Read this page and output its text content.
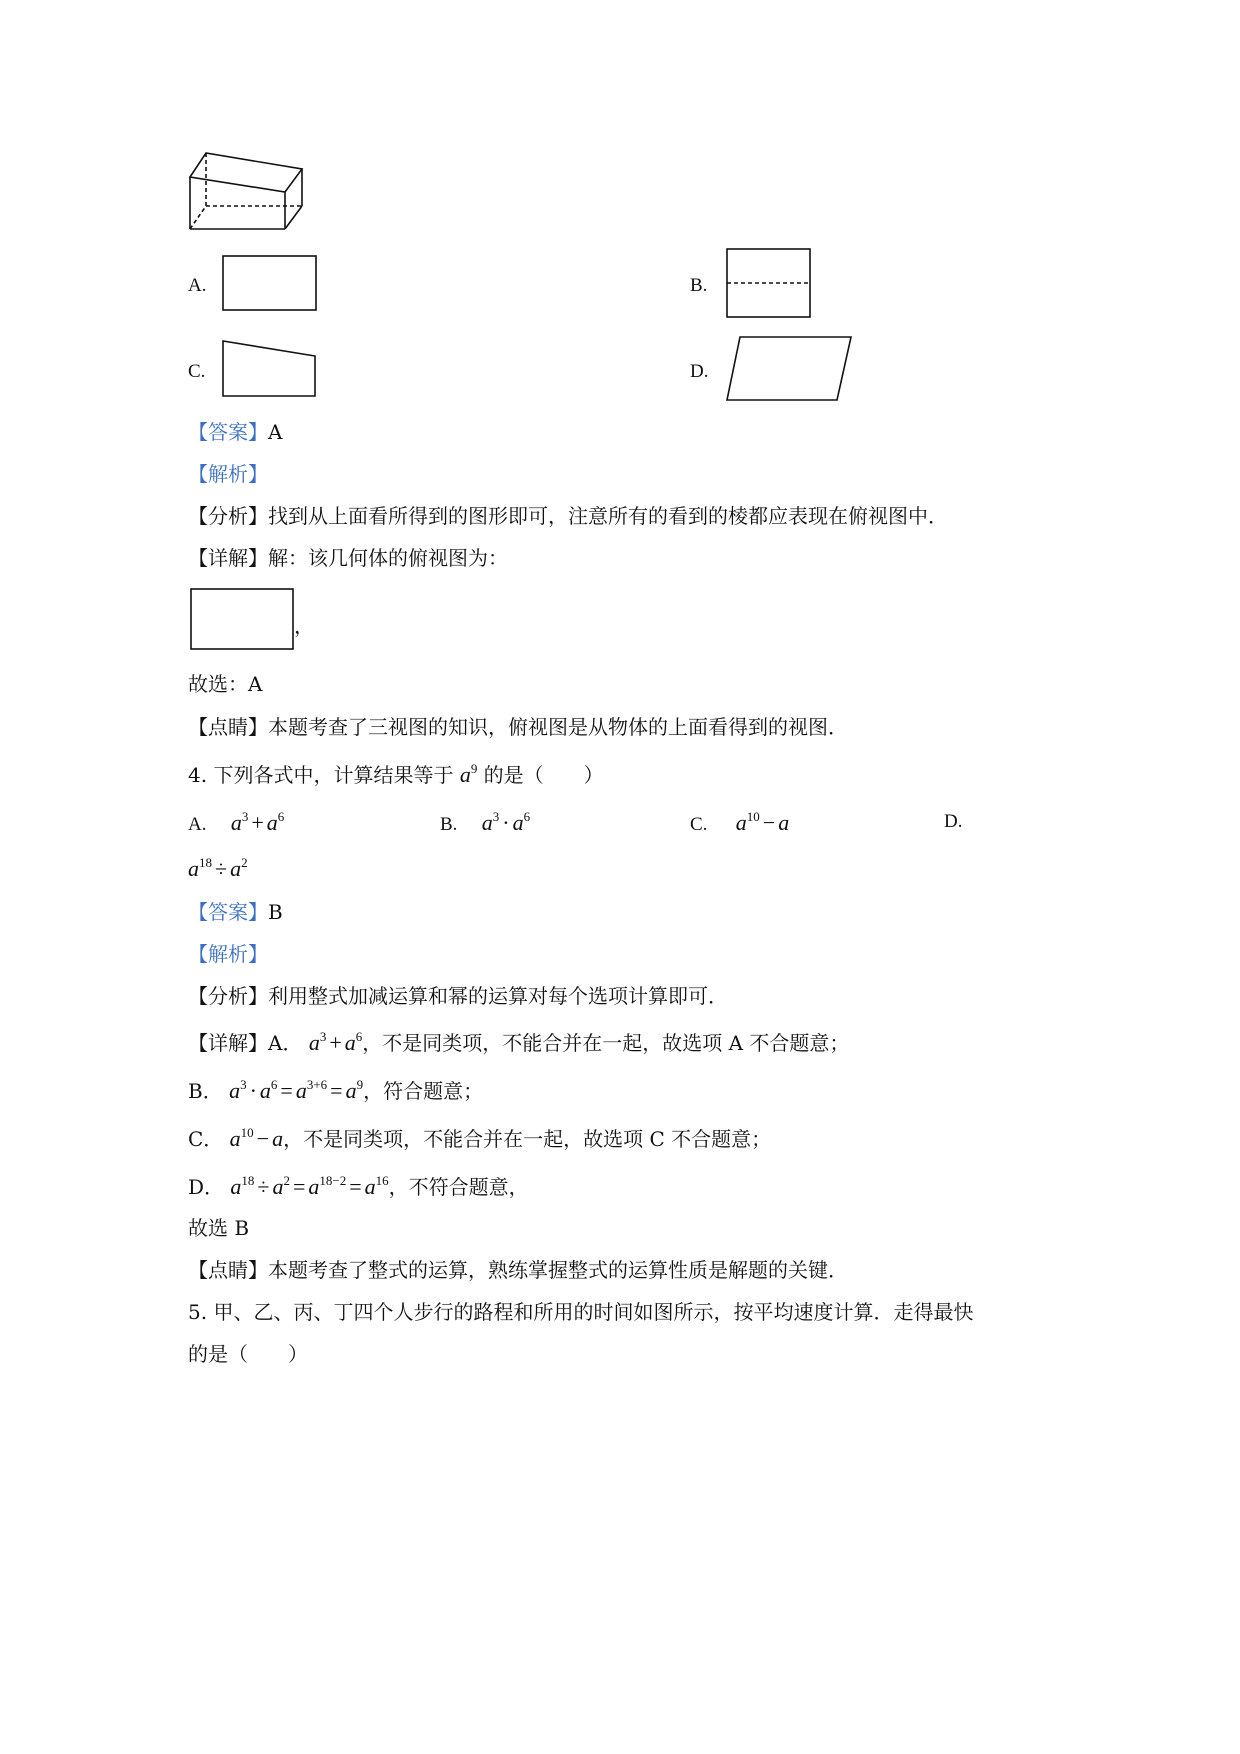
A.	B.
C.	D.
【答案】A
【解析】
【分析】找到从上面看所得到的图形即可，注意所有的看到的棱都应表现在俯视图中．
【详解】解：该几何体的俯视图为：
，
故选：A
【点睛】本题考查了三视图的知识，俯视图是从物体的上面看得到的视图．
4. 下列各式中，计算结果等于 $a^9$ 的是（　　）
A. $a^3 + a^6$	B. $a^3 \cdot a^6$	C. $a^{10} - a$	D.
$a^{18} \div a^2$
【答案】B
【解析】
【分析】利用整式加减运算和幂的运算对每个选项计算即可．
【详解】A． $a^3 + a^6$，不是同类项，不能合并在一起，故选项 A 不合题意；
B． $a^3 \cdot a^6 = a^{3+6} = a^9$，符合题意；
C． $a^{10} - a$，不是同类项，不能合并在一起，故选项 C 不合题意；
D． $a^{18} \div a^2 = a^{18-2} = a^{16}$，不符合题意，
故选 B
【点睛】本题考查了整式的运算，熟练掌握整式的运算性质是解题的关键．
5. 甲、乙、丙、丁四个人步行的路程和所用的时间如图所示，按平均速度计算．走得最快
的是（　　）
